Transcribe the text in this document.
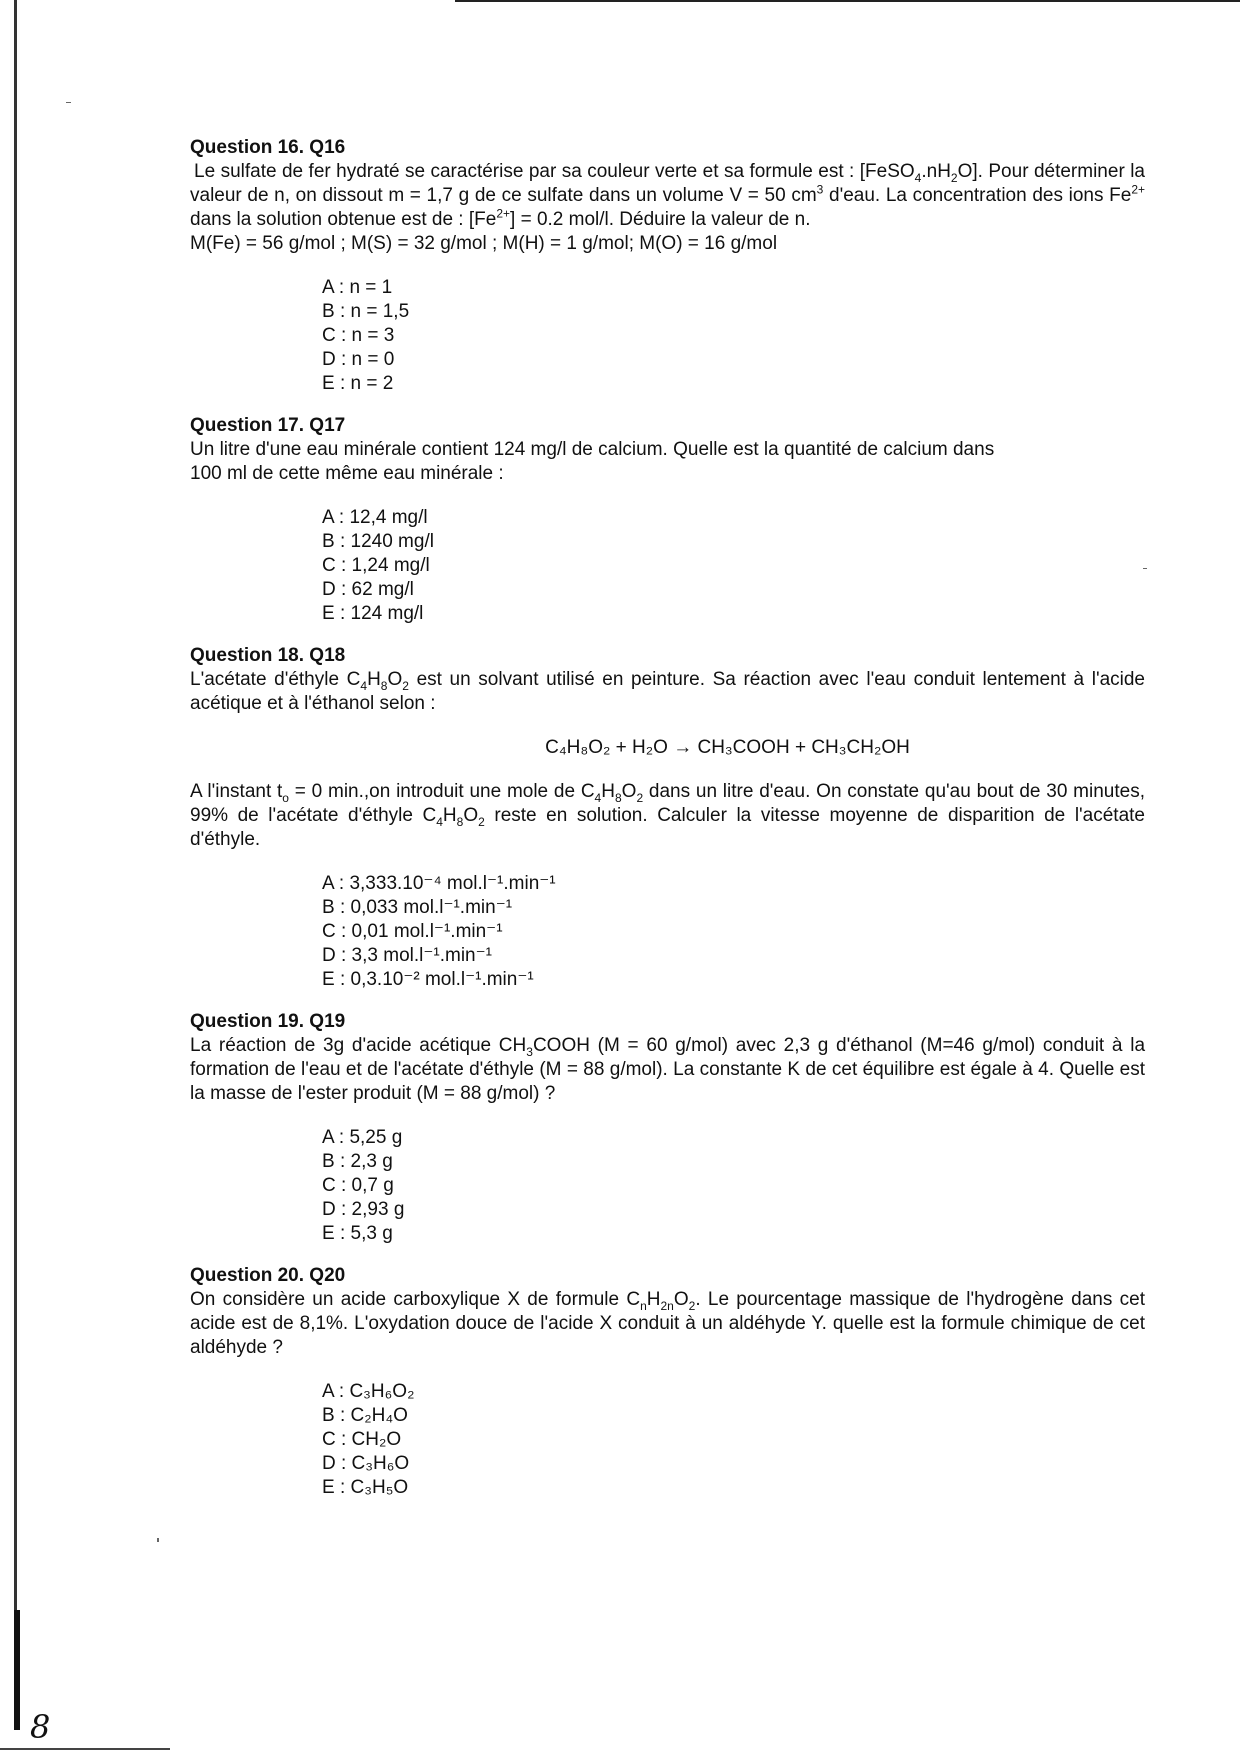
8

Question 16. Q16

Le sulfate de fer hydraté se caractérise par sa couleur verte et sa formule est : $[FeSO_4.nH_2O]$. Pour déterminer la valeur de n, on dissout m = 1,7 g de ce sulfate dans un volume V = 50 $cm^3$ d'eau. La concentration des ions $Fe^{2+}$ dans la solution obtenue est de : $[Fe^{2+}] = 0.2$ mol/l. Déduire la valeur de n.
M(Fe) = 56 g/mol ; M(S) = 32 g/mol ; M(H) = 1 g/mol; M(O) = 16 g/mol

A : n = 1
B : n = 1,5
C : n = 3
D : n = 0
E : n = 2

Question 17. Q17

Un litre d'une eau minérale contient 124 mg/l de calcium. Quelle est la quantité de calcium dans
100 ml de cette même eau minérale :

A : 12,4 mg/l
B : 1240 mg/l
C : 1,24 mg/l
D : 62 mg/l
E : 124 mg/l

Question 18. Q18

L'acétate d'éthyle $C_4H_8O_2$ est un solvant utilisé en peinture. Sa réaction avec l'eau conduit lentement à l'acide acétique et à l'éthanol selon :

C₄H₈O₂ + H₂O → CH₃COOH + CH₃CH₂OH

A l'instant $t_o = 0$ min.,on introduit une mole de $C_4H_8O_2$ dans un litre d'eau. On constate qu'au bout de 30 minutes, 99% de l'acétate d'éthyle $C_4H_8O_2$ reste en solution. Calculer la vitesse moyenne de disparition de l'acétate d'éthyle.

A : 3,333.10⁻⁴ mol.l⁻¹.min⁻¹
B : 0,033 mol.l⁻¹.min⁻¹
C : 0,01 mol.l⁻¹.min⁻¹
D : 3,3 mol.l⁻¹.min⁻¹
E : 0,3.10⁻² mol.l⁻¹.min⁻¹

Question 19. Q19

La réaction de 3g d'acide acétique $CH_3COOH$ (M = 60 g/mol) avec 2,3 g d'éthanol (M=46 g/mol) conduit à la formation de l'eau et de l'acétate d'éthyle (M = 88 g/mol). La constante K de cet équilibre est égale à 4. Quelle est la masse de l'ester produit (M = 88 g/mol) ?

A : 5,25 g
B : 2,3 g
C : 0,7 g
D : 2,93 g
E : 5,3 g

Question 20. Q20

On considère un acide carboxylique X de formule $C_nH_{2n}O_2$. Le pourcentage massique de l'hydrogène dans cet acide est de 8,1%. L'oxydation douce de l'acide X conduit à un aldéhyde Y. quelle est la formule chimique de cet aldéhyde ?

A : C₃H₆O₂
B : C₂H₄O
C : CH₂O
D : C₃H₆O
E : C₃H₅O
